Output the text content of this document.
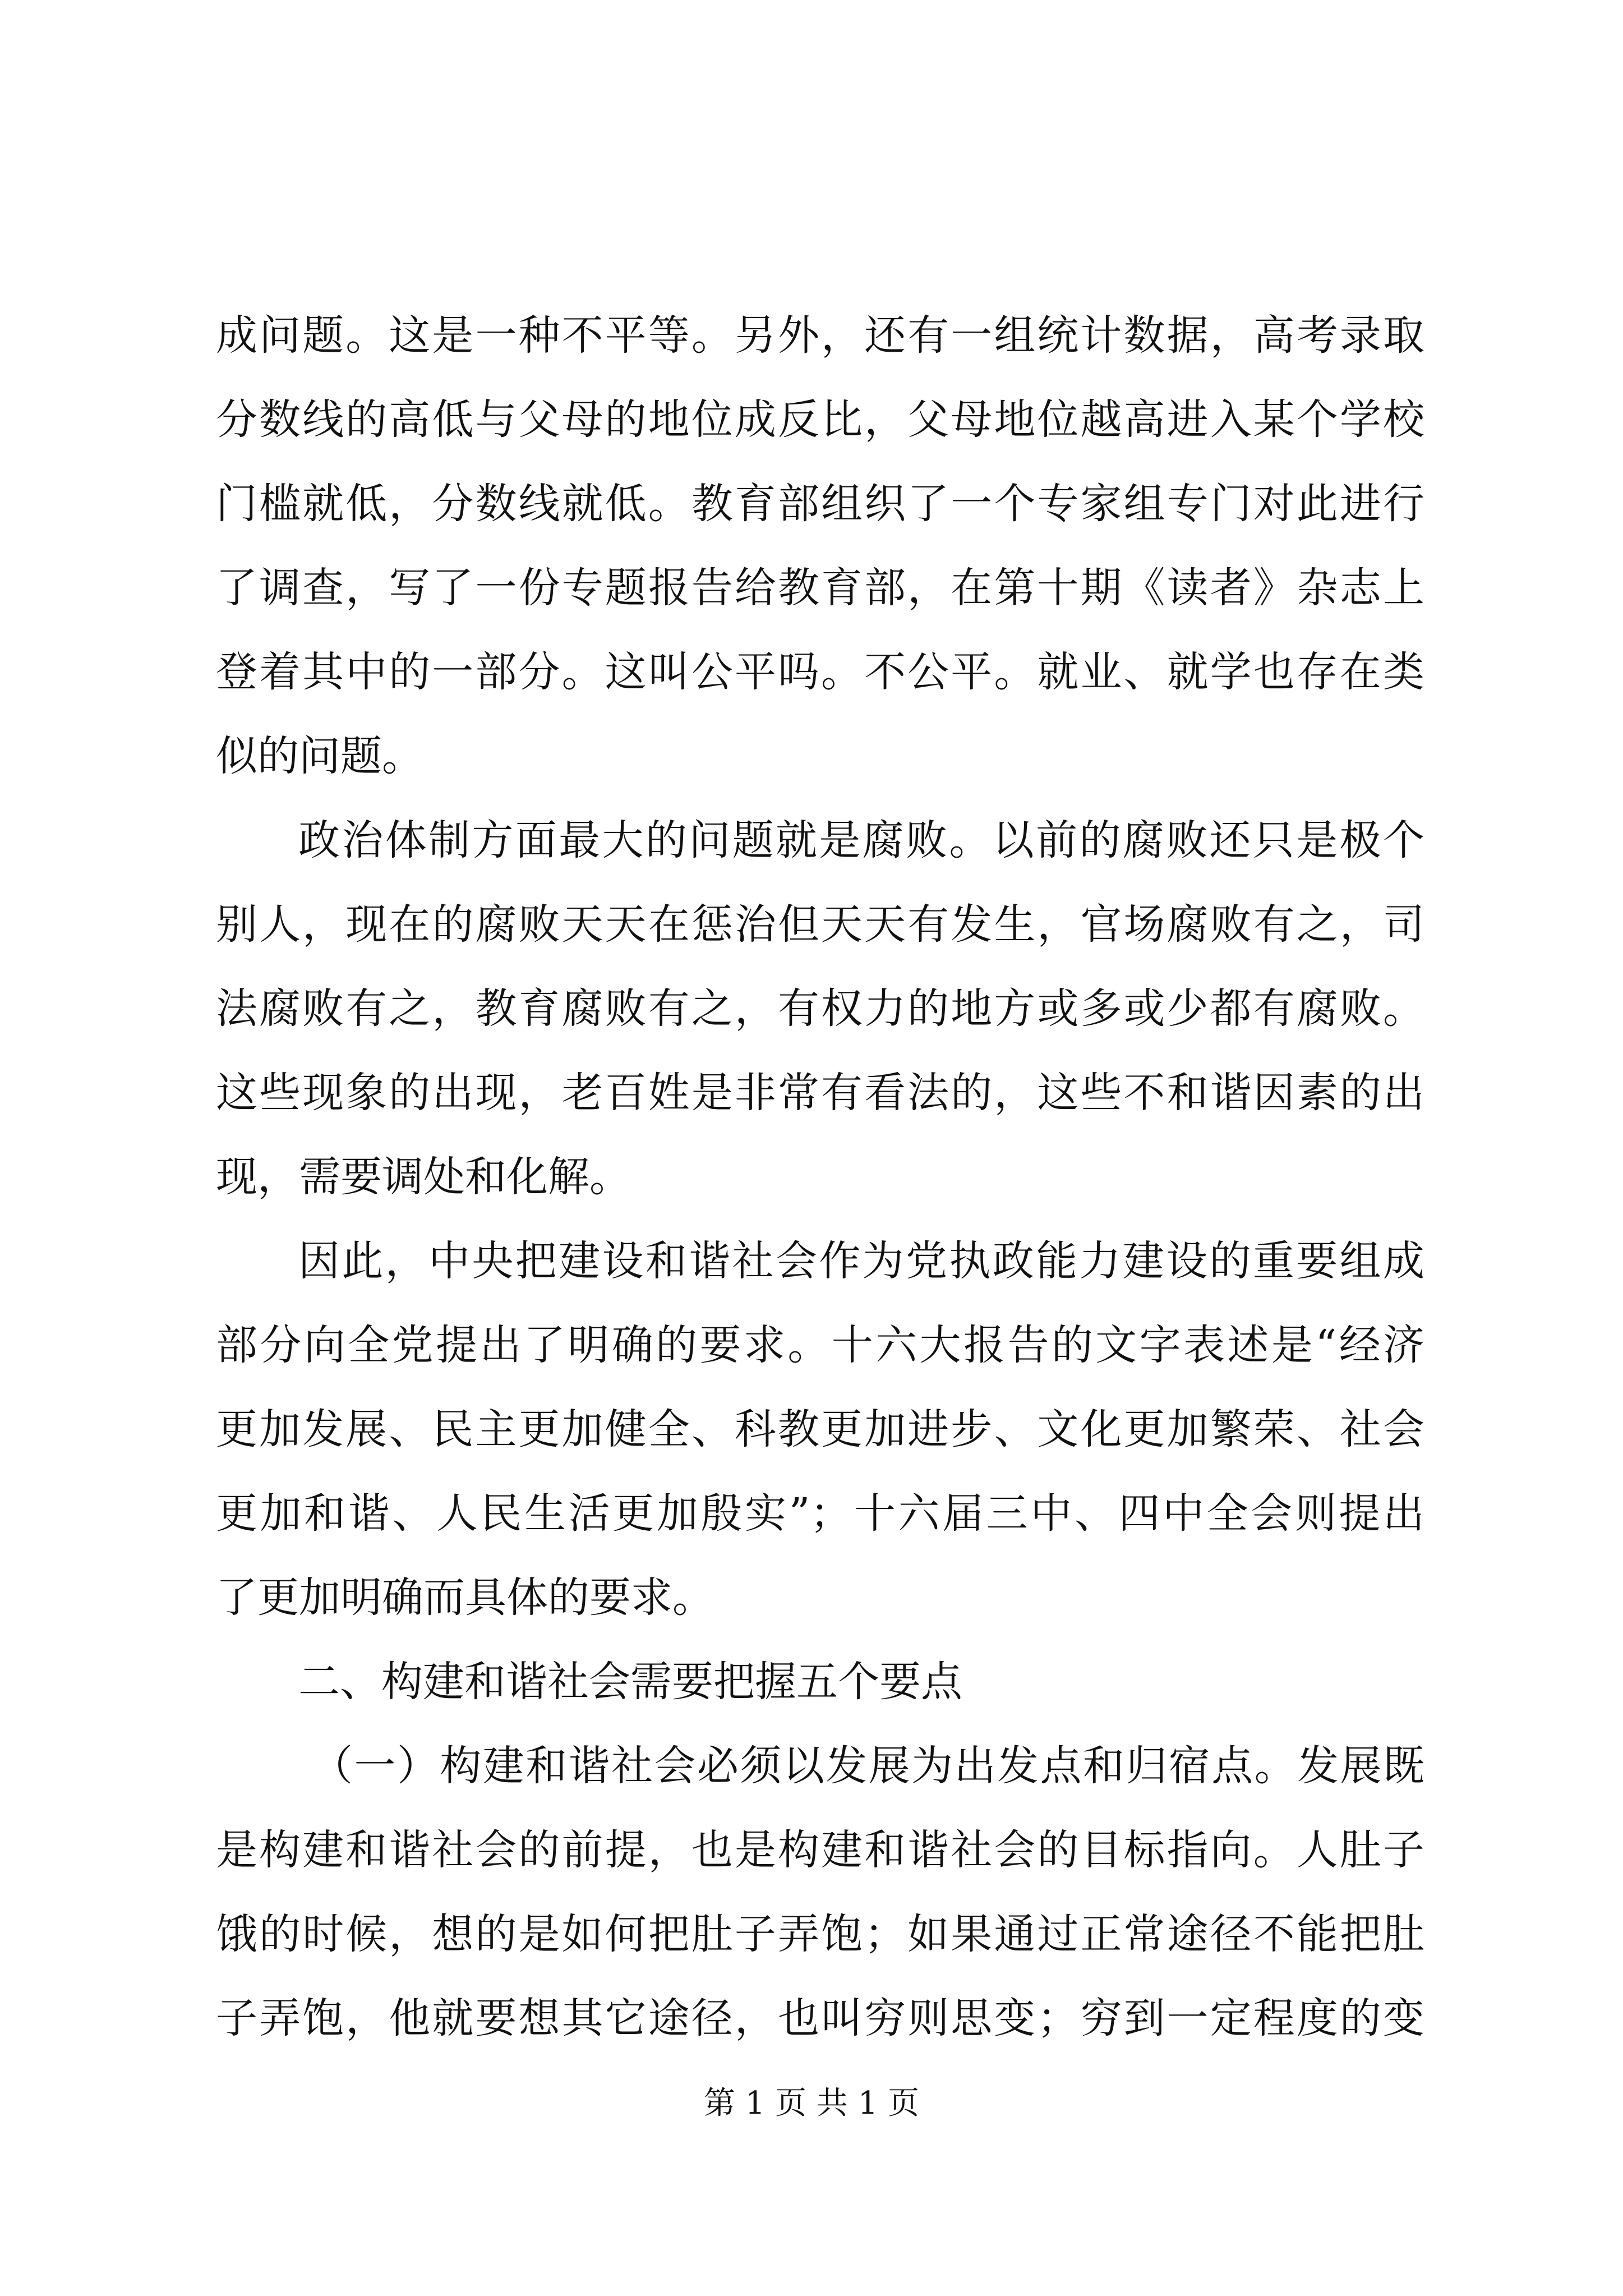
成问题。这是一种不平等。另外，还有一组统计数据，高考录取
分数线的高低与父母的地位成反比，父母地位越高进入某个学校
门槛就低，分数线就低。教育部组织了一个专家组专门对此进行
了调查，写了一份专题报告给教育部，在第十期《读者》杂志上
登着其中的一部分。这叫公平吗。不公平。就业、就学也存在类
似的问题。
政治体制方面最大的问题就是腐败。以前的腐败还只是极个
别人，现在的腐败天天在惩治但天天有发生，官场腐败有之，司
法腐败有之，教育腐败有之，有权力的地方或多或少都有腐败。
这些现象的出现，老百姓是非常有看法的，这些不和谐因素的出
现，需要调处和化解。
因此，中央把建设和谐社会作为党执政能力建设的重要组成
部分向全党提出了明确的要求。十六大报告的文字表述是“经济
更加发展、民主更加健全、科教更加进步、文化更加繁荣、社会
更加和谐、人民生活更加殷实”；十六届三中、四中全会则提出
了更加明确而具体的要求。
二、构建和谐社会需要把握五个要点
（一）构建和谐社会必须以发展为出发点和归宿点。发展既
是构建和谐社会的前提，也是构建和谐社会的目标指向。人肚子
饿的时候，想的是如何把肚子弄饱；如果通过正常途径不能把肚
子弄饱，他就要想其它途径，也叫穷则思变；穷到一定程度的变
第 1 页 共 1 页
